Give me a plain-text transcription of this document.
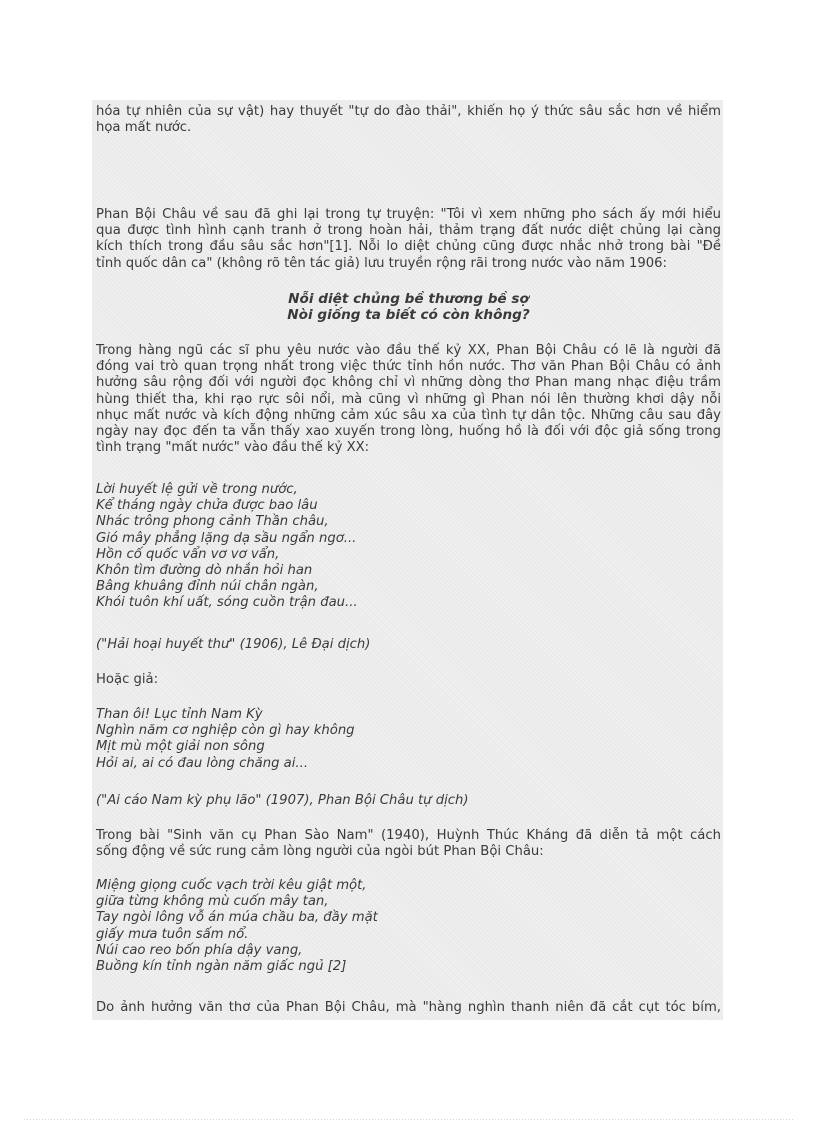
hóa tự nhiên của sự vật) hay thuyết "tự do đào thải", khiến họ ý thức sâu sắc hơn về hiểm
họa mất nước.
Phan Bội Châu về sau đã ghi lại trong tự truyện: "Tôi vì xem những pho sách ấy mới hiểu
qua được tình hình cạnh tranh ở trong hoàn hải, thảm trạng đất nước diệt chủng lại càng
kích thích trong đầu sâu sắc hơn"[1]. Nỗi lo diệt chủng cũng được nhắc nhở trong bài "Đề
tỉnh quốc dân ca" (không rõ tên tác giả) lưu truyền rộng rãi trong nước vào năm 1906:
Nỗi diệt chủng bề thương bề sợ
Nòi giống ta biết có còn không?
Trong hàng ngũ các sĩ phu yêu nước vào đầu thế kỷ XX, Phan Bội Châu có lẽ là người đã
đóng vai trò quan trọng nhất trong việc thức tỉnh hồn nước. Thơ văn Phan Bội Châu có ảnh
hưởng sâu rộng đối với người đọc không chỉ vì những dòng thơ Phan mang nhạc điệu trầm
hùng thiết tha, khi rạo rực sôi nổi, mà cũng vì những gì Phan nói lên thường khơi dậy nỗi
nhục mất nước và kích động những cảm xúc sâu xa của tình tự dân tộc. Những câu sau đây
ngày nay đọc đến ta vẫn thấy xao xuyến trong lòng, huống hồ là đối với độc giả sống trong
tình trạng "mất nước" vào đầu thế kỷ XX:
Lời huyết lệ gửi về trong nước,
Kể tháng ngày chửa được bao lâu
Nhác trông phong cảnh Thần châu,
Gió mây phẳng lặng dạ sầu ngẩn ngơ...
Hồn cố quốc vẩn vơ vơ vẩn,
Khôn tìm đường dò nhắn hỏi han
Bâng khuâng đỉnh núi chân ngàn,
Khói tuôn khí uất, sóng cuồn trận đau...
("Hải hoại huyết thư" (1906), Lê Đại dịch)
Hoặc giả:
Than ôi! Lục tỉnh Nam Kỳ
Nghìn năm cơ nghiệp còn gì hay không
Mịt mù một giải non sông
Hỏi ai, ai có đau lòng chăng ai...
("Ai cáo Nam kỳ phụ lão" (1907), Phan Bội Châu tự dịch)
Trong bài "Sinh văn cụ Phan Sào Nam" (1940), Huỳnh Thúc Kháng đã diễn tả một cách
sống động về sức rung cảm lòng người của ngòi bút Phan Bội Châu:
Miệng giọng cuốc vạch trời kêu giật một,
giữa từng không mù cuốn mây tan,
Tay ngòi lông vỗ án múa chầu ba, đầy mặt
giấy mưa tuôn sấm nổ.
Núi cao reo bốn phía dậy vang,
Buồng kín tỉnh ngàn năm giấc ngủ [2]
Do ảnh hưởng văn thơ của Phan Bội Châu, mà "hàng nghìn thanh niên đã cắt cụt tóc bím,
